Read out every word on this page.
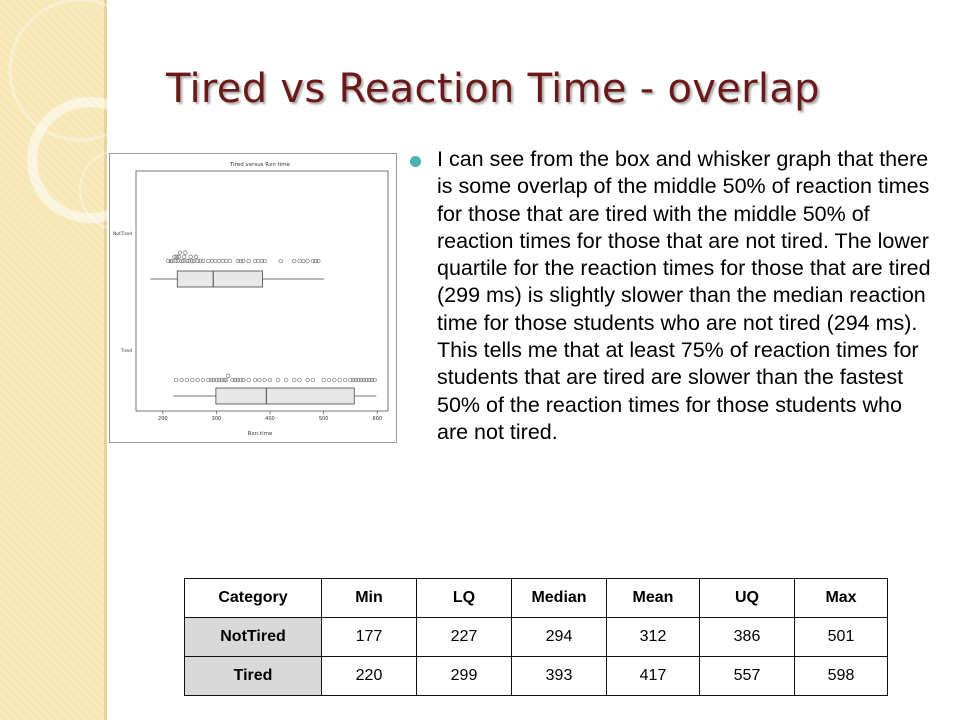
Tired vs Reaction Time - overlap
Tired versus Rxn time
Rxn.time
200	300	400	500	600
NotTired
Tired
I can see from the box and whisker graph that there is some overlap of the middle 50% of reaction times for those that are tired with the middle 50% of reaction times for those that are not tired. The lower quartile for the reaction times for those that are tired (299 ms) is slightly slower than the median reaction time for those students who are not tired (294 ms). This tells me that at least 75% of reaction times for students that are tired are slower than the fastest 50% of the reaction times for those students who are not tired.
Category	Min	LQ	Median	Mean	UQ	Max
NotTired	177	227	294	312	386	501
Tired	220	299	393	417	557	598
